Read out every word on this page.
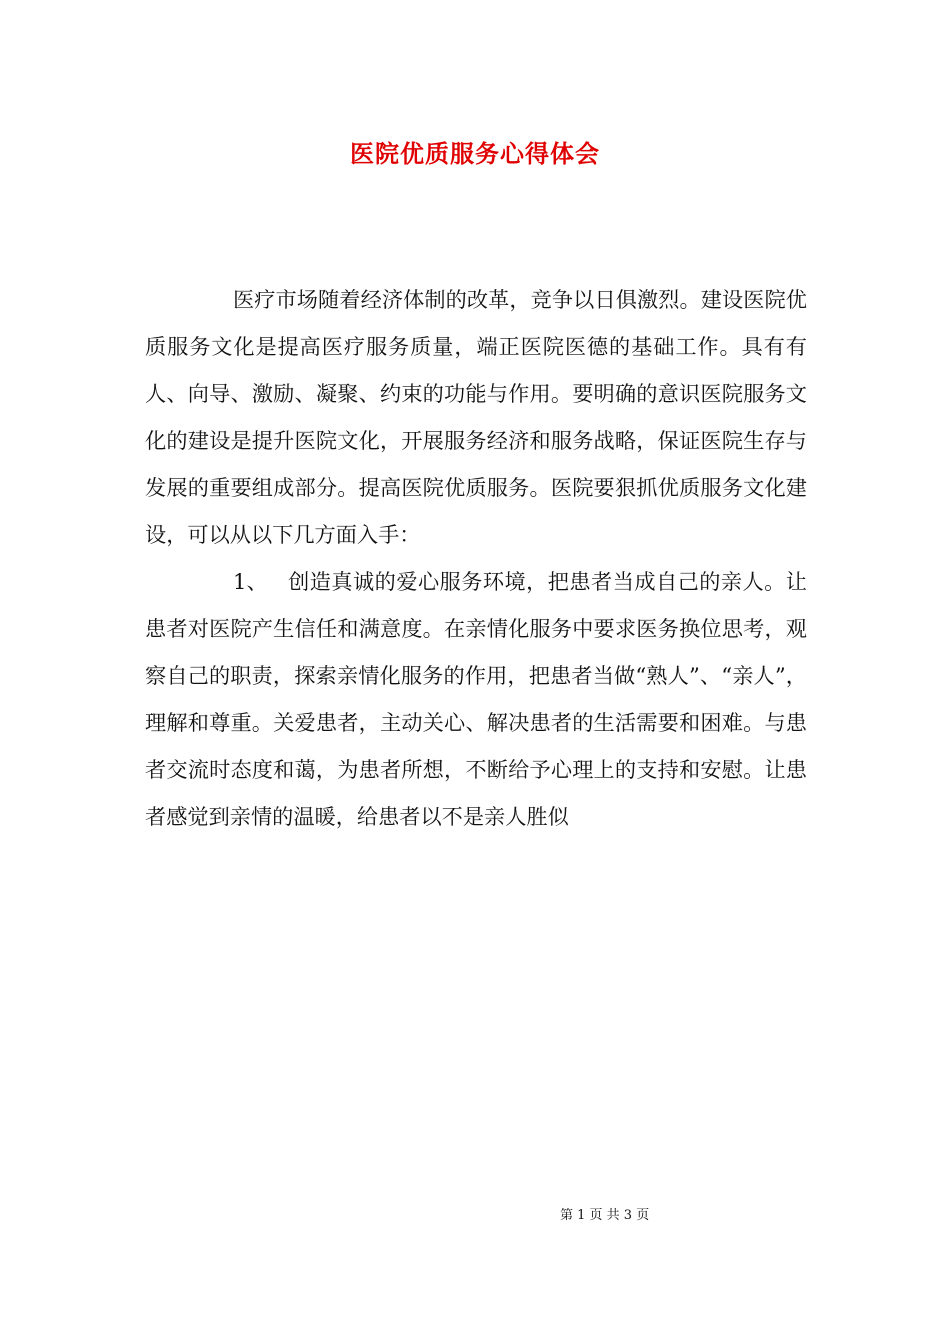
医院优质服务心得体会

医疗市场随着经济体制的改革，竞争以日俱激烈。建设医院优质服务文化是提高医疗服务质量，端正医院医德的基础工作。具有有人、向导、激励、凝聚、约束的功能与作用。要明确的意识医院服务文化的建设是提升医院文化，开展服务经济和服务战略，保证医院生存与发展的重要组成部分。提高医院优质服务。医院要狠抓优质服务文化建设，可以从以下几方面入手：

1、 创造真诚的爱心服务环境，把患者当成自己的亲人。让患者对医院产生信任和满意度。在亲情化服务中要求医务换位思考，观察自己的职责，探索亲情化服务的作用，把患者当做“熟人”、“亲人”，理解和尊重。关爱患者，主动关心、解决患者的生活需要和困难。与患者交流时态度和蔼，为患者所想，不断给予心理上的支持和安慰。让患者感觉到亲情的温暖，给患者以不是亲人胜似

第 1 页 共 3 页
